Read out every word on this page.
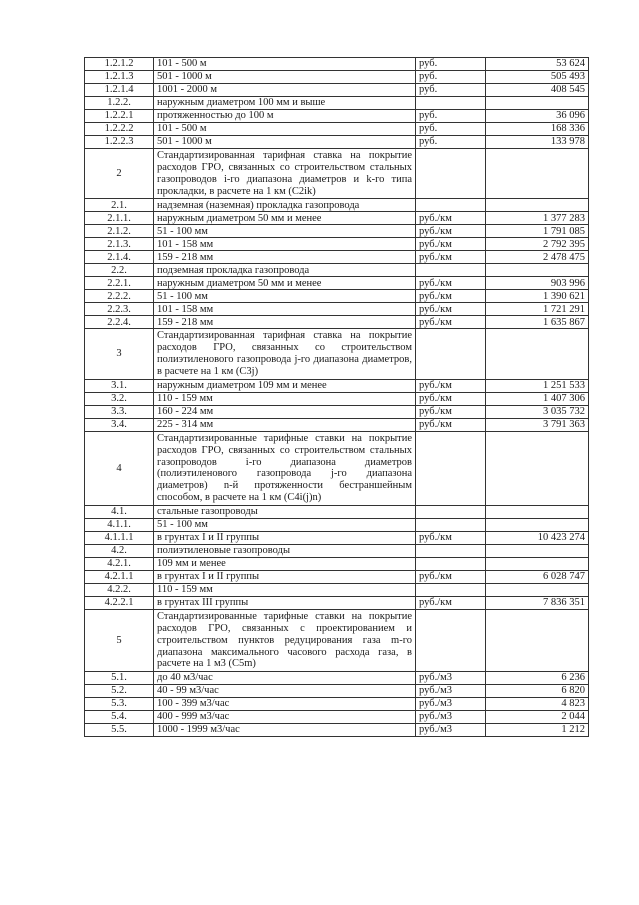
1.2.1.2	101 - 500 м	руб.	53 624
1.2.1.3	501 - 1000 м	руб.	505 493
1.2.1.4	1001 - 2000 м	руб.	408 545
1.2.2.	наружным диаметром 100 мм и выше		
1.2.2.1	протяженностью до 100 м	руб.	36 096
1.2.2.2	101 - 500 м	руб.	168 336
1.2.2.3	501 - 1000 м	руб.	133 978
2	Стандартизированная тарифная ставка на покрытие расходов ГРО, связанных со строительством стальных газопроводов i-го диапазона диаметров и k-го типа прокладки, в расчете на 1 км (С2ik)		
2.1.	надземная (наземная) прокладка газопровода		
2.1.1.	наружным диаметром 50 мм и менее	руб./км	1 377 283
2.1.2.	51 - 100 мм	руб./км	1 791 085
2.1.3.	101 - 158 мм	руб./км	2 792 395
2.1.4.	159 - 218 мм	руб./км	2 478 475
2.2.	подземная прокладка газопровода		
2.2.1.	наружным диаметром 50 мм и менее	руб./км	903 996
2.2.2.	51 - 100 мм	руб./км	1 390 621
2.2.3.	101 - 158 мм	руб./км	1 721 291
2.2.4.	159 - 218 мм	руб./км	1 635 867
3	Стандартизированная тарифная ставка на покрытие расходов ГРО, связанных со строительством полиэтиленового газопровода j-го диапазона диаметров, в расчете на 1 км (С3j)		
3.1.	наружным диаметром 109 мм и менее	руб./км	1 251 533
3.2.	110 - 159 мм	руб./км	1 407 306
3.3.	160 - 224 мм	руб./км	3 035 732
3.4.	225 - 314 мм	руб./км	3 791 363
4	Стандартизированные тарифные ставки на покрытие расходов ГРО, связанных со строительством стальных газопроводов i-го диапазона диаметров (полиэтиленового газопровода j-го диапазона диаметров) n-й протяженности бестраншейным способом, в расчете на 1 км (С4i(j)n)		
4.1.	стальные газопроводы		
4.1.1.	51 - 100 мм		
4.1.1.1	в грунтах I и II группы	руб./км	10 423 274
4.2.	полиэтиленовые газопроводы		
4.2.1.	109 мм и менее		
4.2.1.1	в грунтах I и II группы	руб./км	6 028 747
4.2.2.	110 - 159 мм		
4.2.2.1	в грунтах III группы	руб./км	7 836 351
5	Стандартизированные тарифные ставки на покрытие расходов ГРО, связанных с проектированием и строительством пунктов редуцирования газа m-го диапазона максимального часового расхода газа, в расчете на 1 м3 (С5m)		
5.1.	до 40 м3/час	руб./м3	6 236
5.2.	40 - 99 м3/час	руб./м3	6 820
5.3.	100 - 399 м3/час	руб./м3	4 823
5.4.	400 - 999 м3/час	руб./м3	2 044
5.5.	1000 - 1999 м3/час	руб./м3	1 212
